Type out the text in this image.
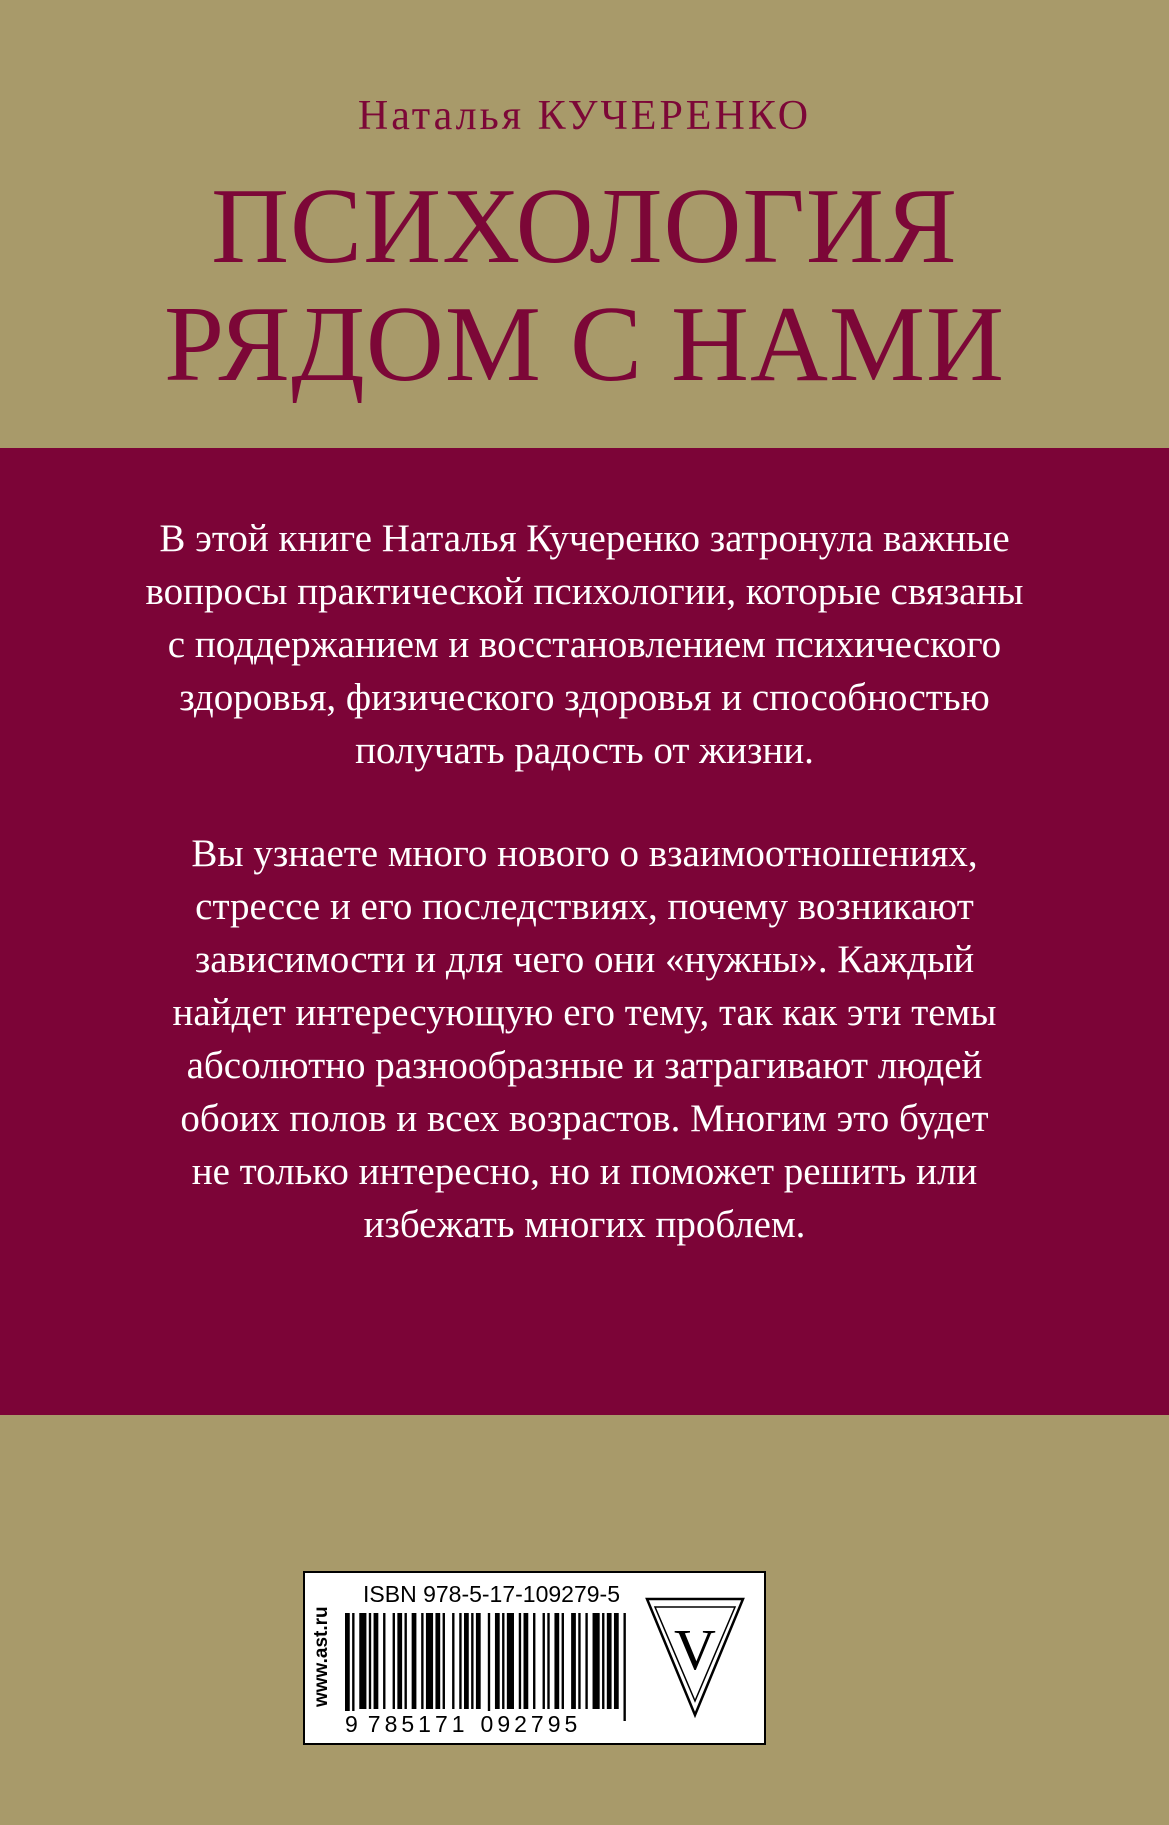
Наталья КУЧЕРЕНКО
ПСИХОЛОГИЯ
РЯДОМ С НАМИ
В этой книге Наталья Кучеренко затронула важные
вопросы практической психологии, которые связаны
с поддержанием и восстановлением психического
здоровья, физического здоровья и способностью
получать радость от жизни.
Вы узнаете много нового о взаимоотношениях,
стрессе и его последствиях, почему возникают
зависимости и для чего они «нужны». Каждый
найдет интересующую его тему, так как эти темы
абсолютно разнообразные и затрагивают людей
обоих полов и всех возрастов. Многим это будет
не только интересно, но и поможет решить или
избежать многих проблем.
www.ast.ru
ISBN 978-5-17-109279-5
9 785171 092795
V
